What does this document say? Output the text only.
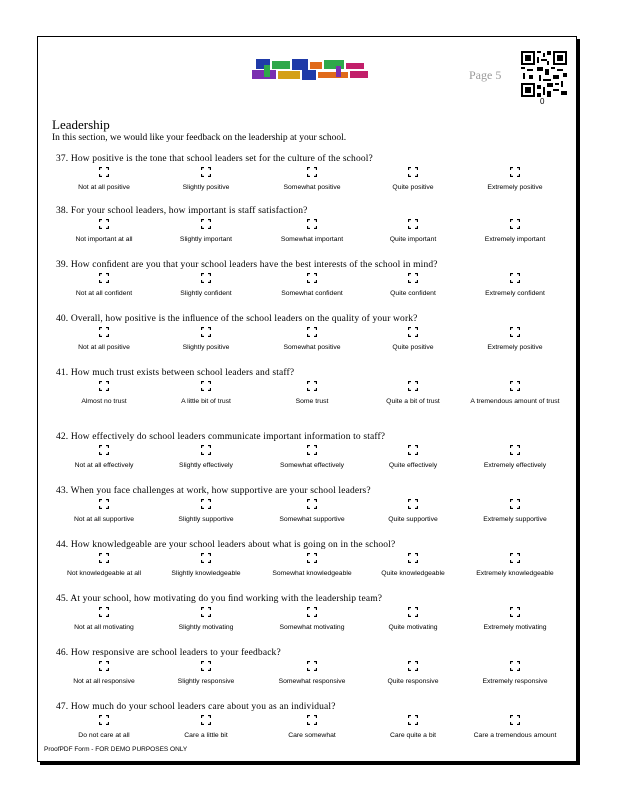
Page 5
0
Leadership
In this section, we would like your feedback on the leadership at your school.
37. How positive is the tone that school leaders set for the culture of the school?
Not at all positive	Slightly positive	Somewhat positive	Quite positive	Extremely positive
38. For your school leaders, how important is staff satisfaction?
Not important at all	Slightly important	Somewhat important	Quite important	Extremely important
39. How conﬁdent are you that your school leaders have the best interests of the school in mind?
Not at all conﬁdent	Slightly conﬁdent	Somewhat conﬁdent	Quite conﬁdent	Extremely conﬁdent
40. Overall, how positive is the inﬂuence of the school leaders on the quality of your work?
Not at all positive	Slightly positive	Somewhat positive	Quite positive	Extremely positive
41. How much trust exists between school leaders and staff?
Almost no trust	A little bit of trust	Some trust	Quite a bit of trust	A tremendous amount of trust
42. How effectively do school leaders communicate important information to staff?
Not at all effectively	Slightly effectively	Somewhat effectively	Quite effectively	Extremely effectively
43. When you face challenges at work, how supportive are your school leaders?
Not at all supportive	Slightly supportive	Somewhat supportive	Quite supportive	Extremely supportive
44. How knowledgeable are your school leaders about what is going on in the school?
Not knowledgeable at all	Slightly knowledgeable	Somewhat knowledgeable	Quite knowledgeable	Extremely knowledgeable
45. At your school, how motivating do you ﬁnd working with the leadership team?
Not at all motivating	Slightly motivating	Somewhat motivating	Quite motivating	Extremely motivating
46. How responsive are school leaders to your feedback?
Not at all responsive	Slightly responsive	Somewhat responsive	Quite responsive	Extremely responsive
47. How much do your school leaders care about you as an individual?
Do not care at all	Care a little bit	Care somewhat	Care quite a bit	Care a tremendous amount
ProofPDF Form - FOR DEMO PURPOSES ONLY
